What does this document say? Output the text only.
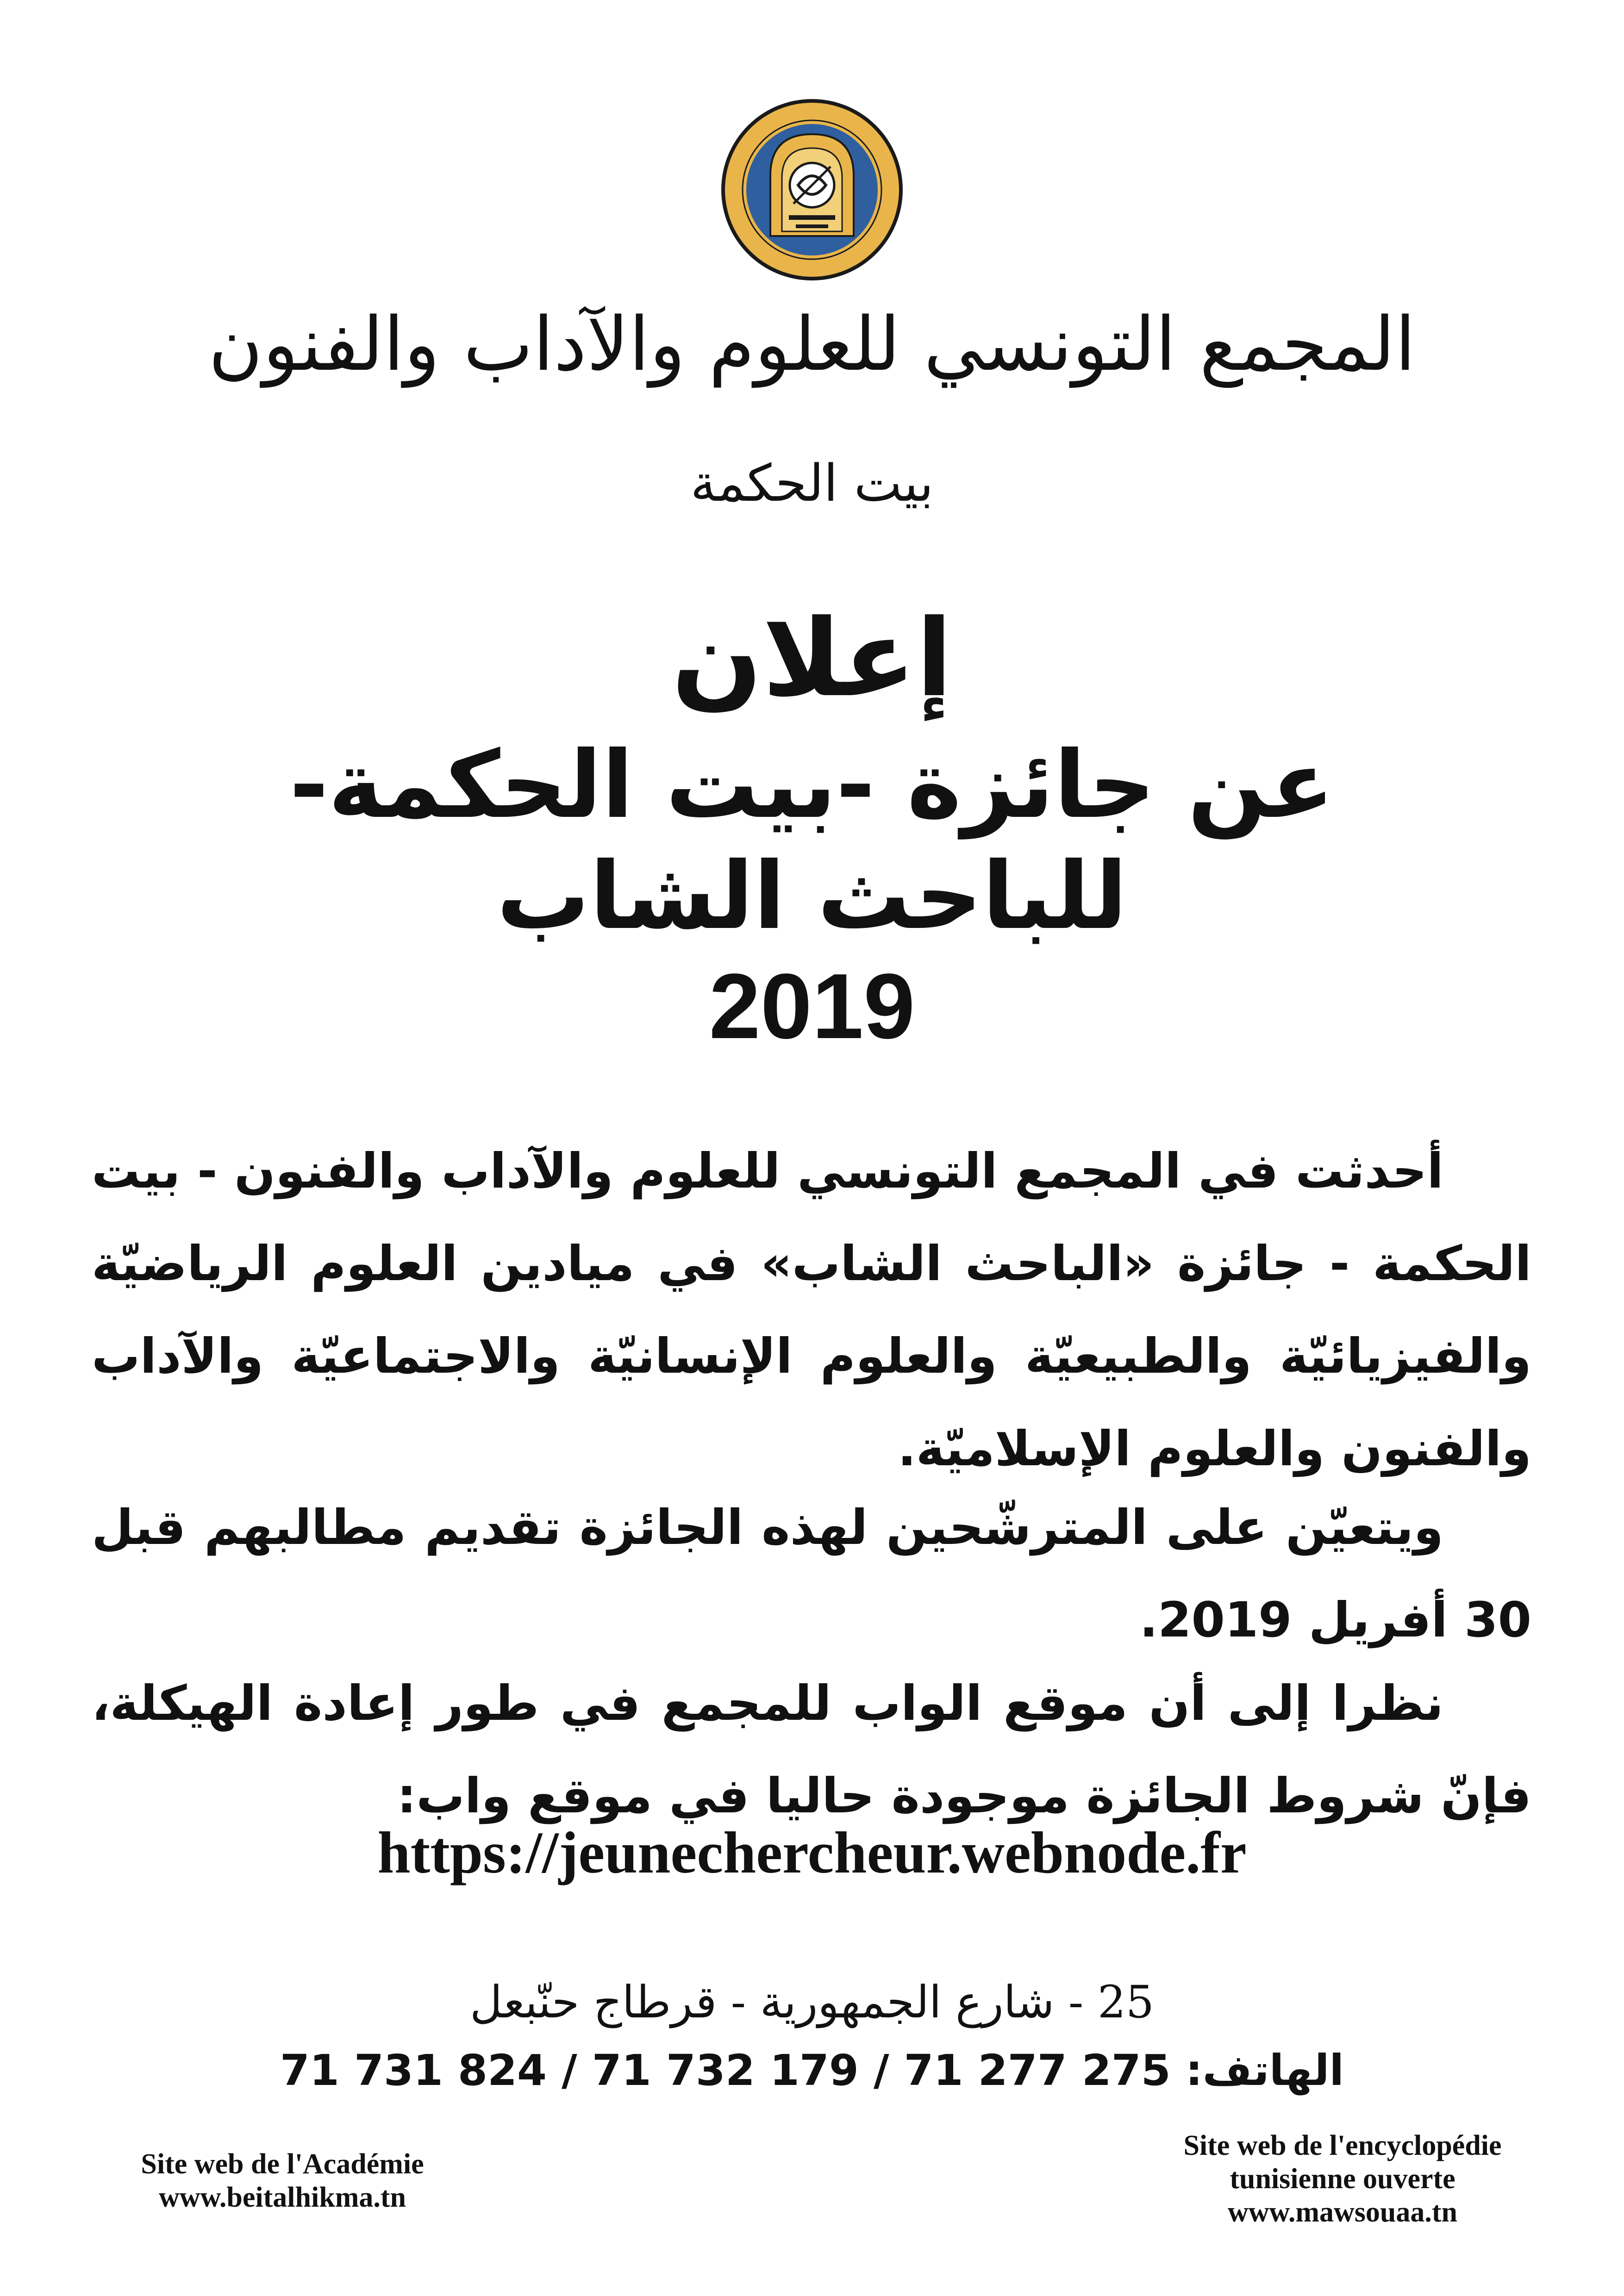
المجمع التونسي للعلوم والآداب والفنون
بيت الحكمة
إعلان
عن جائزة -بيت الحكمة-
للباحث الشاب
2019
أحدثت في المجمع التونسي للعلوم والآداب والفنون - بيت الحكمة - جائزة «الباحث الشاب» في ميادين العلوم الرياضيّة والفيزيائيّة والطبيعيّة والعلوم الإنسانيّة والاجتماعيّة والآداب والفنون والعلوم الإسلاميّة.
ويتعيّن على المترشّحين لهذه الجائزة تقديم مطالبهم قبل 30 أفريل 2019.
نظرا إلى أن موقع الواب للمجمع في طور إعادة الهيكلة، فإنّ شروط الجائزة موجودة حاليا في موقع واب:
https://jeunechercheur.webnode.fr
25 - شارع الجمهورية - قرطاج حنّبعل
الهاتف: 275 277 71 / 179 732 71 / 824 731 71
Site web de l'Académie
www.beitalhikma.tn
Site web de l'encyclopédie
tunisienne ouverte
www.mawsouaa.tn
